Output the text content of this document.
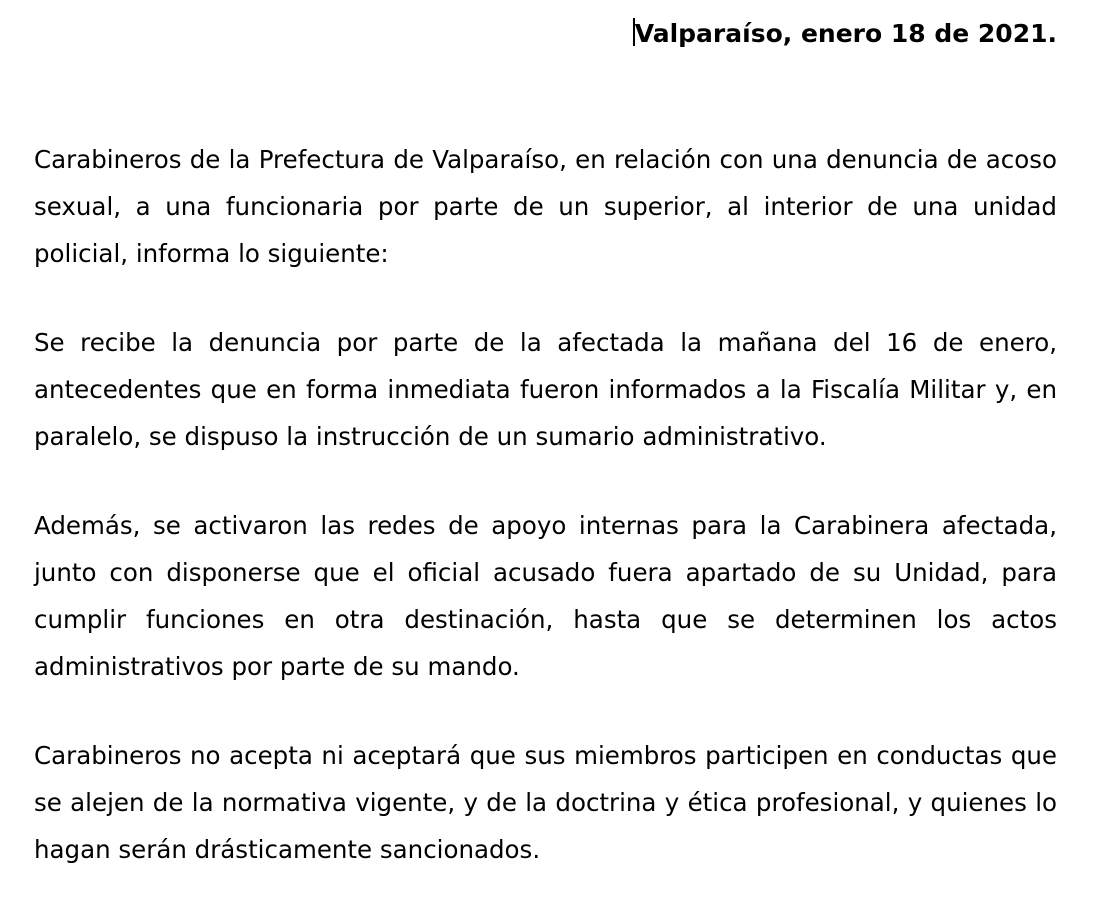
Valparaíso, enero 18 de 2021.

Carabineros de la Prefectura de Valparaíso, en relación con una denuncia de acoso sexual, a una funcionaria por parte de un superior, al interior de una unidad policial, informa lo siguiente:

Se recibe la denuncia por parte de la afectada la mañana del 16 de enero, antecedentes que en forma inmediata fueron informados a la Fiscalía Militar y, en paralelo, se dispuso la instrucción de un sumario administrativo.

Además, se activaron las redes de apoyo internas para la Carabinera afectada, junto con disponerse que el oficial acusado fuera apartado de su Unidad, para cumplir funciones en otra destinación, hasta que se determinen los actos administrativos por parte de su mando.

Carabineros no acepta ni aceptará que sus miembros participen en conductas que se alejen de la normativa vigente, y de la doctrina y ética profesional, y quienes lo hagan serán drásticamente sancionados.
